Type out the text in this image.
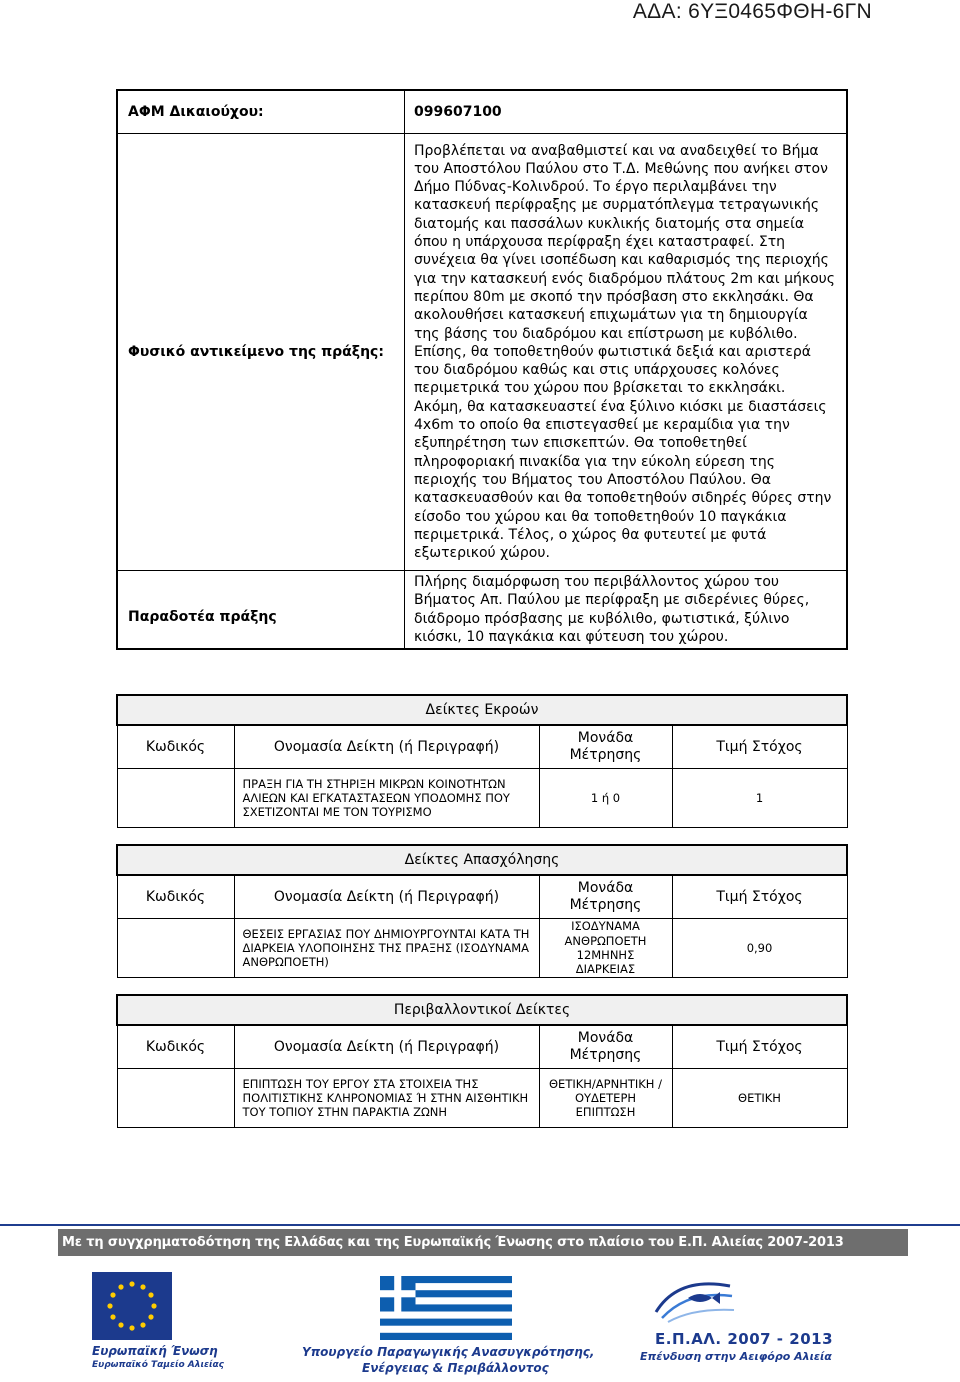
ΑΔΑ: 6ΥΞ0465ΦΘΗ-6ΓΝ
ΑΦΜ Δικαιούχου:	099607100
Φυσικό αντικείμενο της πράξης:	Προβλέπεται να αναβαθμιστεί και να αναδειχθεί το Βήμα του Αποστόλου Παύλου στο Τ.Δ. Μεθώνης που ανήκει στον Δήμο Πύδνας-Κολινδρού. Το έργο περιλαμβάνει την κατασκευή περίφραξης με συρματόπλεγμα τετραγωνικής διατομής και πασσάλων κυκλικής διατομής στα σημεία όπου η υπάρχουσα περίφραξη έχει καταστραφεί. Στη συνέχεια θα γίνει ισοπέδωση και καθαρισμός της περιοχής για την κατασκευή ενός διαδρόμου πλάτους 2m και μήκους περίπου 80m με σκοπό την πρόσβαση στο εκκλησάκι. Θα ακολουθήσει κατασκευή επιχωμάτων για τη δημιουργία της βάσης του διαδρόμου και επίστρωση με κυβόλιθο. Επίσης, θα τοποθετηθούν φωτιστικά δεξιά και αριστερά του διαδρόμου καθώς και στις υπάρχουσες κολόνες περιμετρικά του χώρου που βρίσκεται το εκκλησάκι. Ακόμη, θα κατασκευαστεί ένα ξύλινο κιόσκι με διαστάσεις 4x6m το οποίο θα επιστεγασθεί με κεραμίδια για την εξυπηρέτηση των επισκεπτών. Θα τοποθετηθεί πληροφοριακή πινακίδα για την εύκολη εύρεση της περιοχής του Βήματος του Αποστόλου Παύλου. Θα κατασκευασθούν και θα τοποθετηθούν σιδηρές θύρες στην είσοδο του χώρου και θα τοποθετηθούν 10 παγκάκια περιμετρικά. Τέλος, ο χώρος θα φυτευτεί με φυτά εξωτερικού χώρου.

Παραδοτέα πράξης	Πλήρης διαμόρφωση του περιβάλλοντος χώρου του Βήματος Απ. Παύλου με περίφραξη με σιδερένιες θύρες, διάδρομο πρόσβασης με κυβόλιθο, φωτιστικά, ξύλινο κιόσκι, 10 παγκάκια και φύτευση του χώρου.
Δείκτες Εκροών			
Κωδικός	Ονομασία Δείκτη (ή Περιγραφή)	Μονάδα Μέτρησης	Τιμή Στόχος
	ΠΡΑΞΗ ΓΙΑ ΤΗ ΣΤΗΡΙΞΗ ΜΙΚΡΩΝ ΚΟΙΝΟΤΗΤΩΝ ΑΛΙΕΩΝ ΚΑΙ ΕΓΚΑΤΑΣΤΑΣΕΩΝ ΥΠΟΔΟΜΗΣ ΠΟΥ ΣΧΕΤΙΖΟΝΤΑΙ ΜΕ ΤΟΝ ΤΟΥΡΙΣΜΟ	1 ή 0	1
Δείκτες Απασχόλησης			
Κωδικός	Ονομασία Δείκτη (ή Περιγραφή)	Μονάδα Μέτρησης	Τιμή Στόχος
	ΘΕΣΕΙΣ ΕΡΓΑΣΙΑΣ ΠΟΥ ΔΗΜΙΟΥΡΓΟΥΝΤΑΙ ΚΑΤΑ ΤΗ ΔΙΑΡΚΕΙΑ ΥΛΟΠΟΙΗΣΗΣ ΤΗΣ ΠΡΑΞΗΣ (ΙΣΟΔΥΝΑΜΑ ΑΝΘΡΩΠΟΕΤΗ)	ΙΣΟΔΥΝΑΜΑ ΑΝΘΡΩΠΟΕΤΗ 12ΜΗΝΗΣ ΔΙΑΡΚΕΙΑΣ	0,90
Περιβαλλοντικοί Δείκτες			
Κωδικός	Ονομασία Δείκτη (ή Περιγραφή)	Μονάδα Μέτρησης	Τιμή Στόχος
	ΕΠΙΠΤΩΣΗ ΤΟΥ ΕΡΓΟΥ ΣΤΑ ΣΤΟΙΧΕΙΑ ΤΗΣ ΠΟΛΙΤΙΣΤΙΚΗΣ ΚΛΗΡΟΝΟΜΙΑΣ Ή ΣΤΗΝ ΑΙΣΘΗΤΙΚΗ ΤΟΥ ΤΟΠΙΟΥ ΣΤΗΝ ΠΑΡΑΚΤΙΑ ΖΩΝΗ	ΘΕΤΙΚΗ/ΑΡΝΗΤΙΚΗ /ΟΥΔΕΤΕΡΗ ΕΠΙΠΤΩΣΗ	ΘΕΤΙΚΗ
Με τη συγχρηματοδότηση της Ελλάδας και της Ευρωπαϊκής Ένωσης στο πλαίσιο του Ε.Π. Αλιείας 2007-2013
Ευρωπαϊκή Ένωση
Ευρωπαϊκό Ταμείο Αλιείας
Υπουργείο Παραγωγικής Ανασυγκρότησης,
Ενέργειας & Περιβάλλοντος
Ε.Π.ΑΛ. 2007 - 2013
Επένδυση στην Αειφόρο Αλιεία
